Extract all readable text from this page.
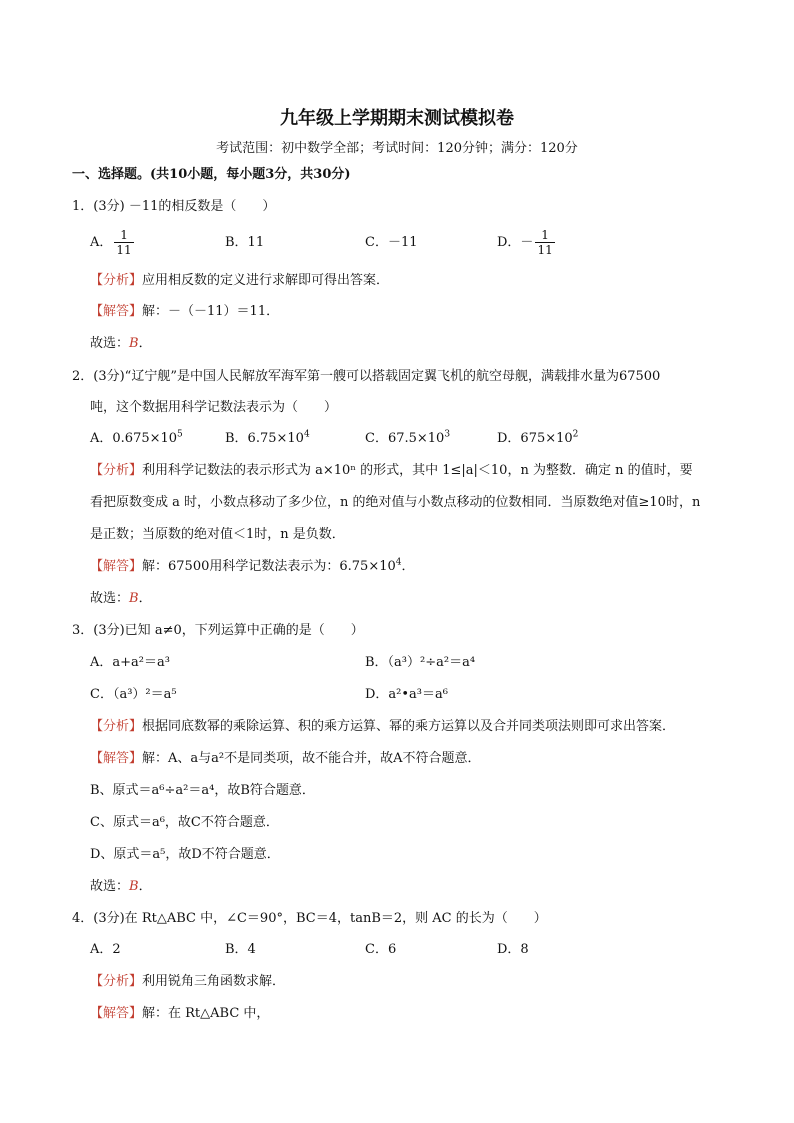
九年级上学期期末测试模拟卷
考试范围：初中数学全部；考试时间：120分钟；满分：120分
一、选择题。(共10小题，每小题3分，共30分)
1．(3分) －11的相反数是（　　）
A． $\frac{1}{11}$	B．11	C．－11	D．－ $\frac{1}{11}$
【分析】应用相反数的定义进行求解即可得出答案．
【解答】解：－（－11）＝11．
故选：B．
2．(3分)“辽宁舰”是中国人民解放军海军第一艘可以搭载固定翼飞机的航空母舰，满载排水量为67500
吨，这个数据用科学记数法表示为（　　）
A．$0.675\times 10^5$	B．$6.75\times 10^4$	C．$67.5\times 10^3$	D．$675\times 10^2$
【分析】利用科学记数法的表示形式为 a×10ⁿ 的形式，其中 1≤|a|＜10，n 为整数．确定 n 的值时，要
看把原数变成 a 时，小数点移动了多少位，n 的绝对值与小数点移动的位数相同．当原数绝对值≥10时，n
是正数；当原数的绝对值＜1时，n 是负数．
【解答】解：67500用科学记数法表示为：$6.75\times 10^4$．
故选：B．
3．(3分)已知 a≠0，下列运算中正确的是（　　）
A．a+a²＝a³	B．（a³）²÷a²＝a⁴
C．（a³）²＝a⁵	D．a²•a³＝a⁶
【分析】根据同底数幂的乘除运算、积的乘方运算、幂的乘方运算以及合并同类项法则即可求出答案．
【解答】解：A、a与a²不是同类项，故不能合并，故A不符合题意．
B、原式＝a⁶÷a²＝a⁴，故B符合题意．
C、原式＝a⁶，故C不符合题意．
D、原式＝a⁵，故D不符合题意．
故选：B．
4．(3分)在 Rt△ABC 中，∠C＝90°，BC＝4，tanB＝2，则 AC 的长为（　　）
A．2	B．4	C．6	D．8
【分析】利用锐角三角函数求解．
【解答】解：在 Rt△ABC 中，
